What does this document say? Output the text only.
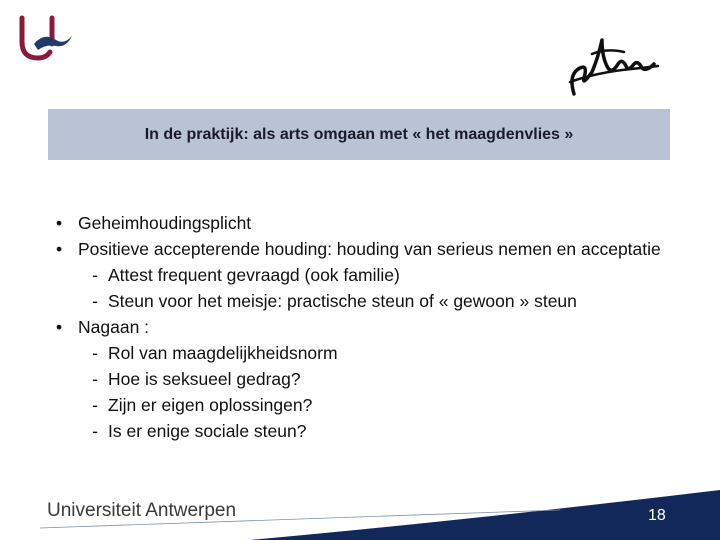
In de praktijk: als arts omgaan met « het maagdenvlies »
• Geheimhoudingsplicht
• Positieve accepterende houding: houding van serieus nemen en acceptatie
- Attest frequent gevraagd (ook familie)
- Steun voor het meisje: practische steun of « gewoon » steun
• Nagaan :
- Rol van maagdelijkheidsnorm
- Hoe is seksueel gedrag?
- Zijn er eigen oplossingen?
- Is er enige sociale steun?
Universiteit Antwerpen	18
